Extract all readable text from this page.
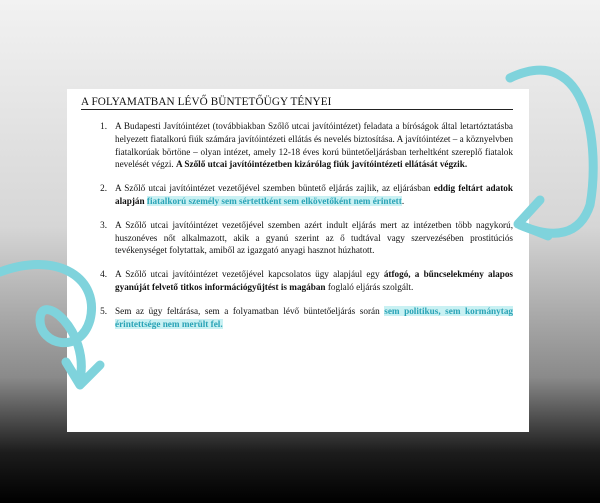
A FOLYAMATBAN LÉVŐ BÜNTETŐÜGY TÉNYEI
1. A Budapesti Javítóintézet (továbbiakban Szőlő utcai javítóintézet) feladata a bíróságok által letartóztatásba helyezett fiatalkorú fiúk számára javítóintézeti ellátás és nevelés biztosítása. A javítóintézet – a köznyelvben fiatalkorúak börtöne – olyan intézet, amely 12-18 éves korú büntetőeljárásban terheltként szereplő fiatalok nevelését végzi. A Szőlő utcai javítóintézetben kizárólag fiúk javítóintézeti ellátását végzik.
2. A Szőlő utcai javítóintézet vezetőjével szemben büntető eljárás zajlik, az eljárásban eddig feltárt adatok alapján fiatalkorú személy sem sértettként sem elkövetőként nem érintett.
3. A Szőlő utcai javítóintézet vezetőjével szemben azért indult eljárás mert az intézetben több nagykorú, huszonéves nőt alkalmazott, akik a gyanú szerint az ő tudtával vagy szervezésében prostitúciós tevékenységet folytattak, amiből az igazgató anyagi hasznot húzhatott.
4. A Szőlő utcai javítóintézet vezetőjével kapcsolatos ügy alapjául egy átfogó, a bűncselekmény alapos gyanúját felvető titkos információgyűjtést is magában foglaló eljárás szolgált.
5. Sem az ügy feltárása, sem a folyamatban lévő büntetőeljárás során sem politikus, sem kormánytag érintettsége nem merült fel.
